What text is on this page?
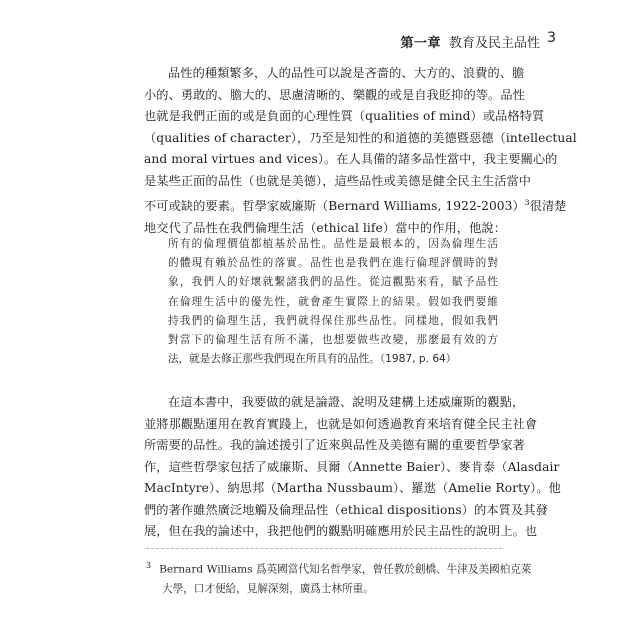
第一章 教育及民主品性 3
品性的種類繁多，人的品性可以說是吝嗇的、大方的、浪費的、膽
小的、勇敢的、膽大的、思慮清晰的、樂觀的或是自我貶抑的等。品性
也就是我們正面的或是負面的心理性質（qualities of mind）或品格特質
（qualities of character），乃至是知性的和道德的美德暨惡德（intellectual
and moral virtues and vices）。在人具備的諸多品性當中，我主要關心的
是某些正面的品性（也就是美德），這些品性或美德是健全民主生活當中
不可或缺的要素。哲學家威廉斯（Bernard Williams, 1922-2003）$^3$很清楚
地交代了品性在我們倫理生活（ethical life）當中的作用，他說：
所有的倫理價值都植基於品性。品性是最根本的，因為倫理生活
的體現有賴於品性的落實。品性也是我們在進行倫理評價時的對
象，我們人的好壞就繫諸我們的品性。從這觀點來看，賦予品性
在倫理生活中的優先性，就會產生實際上的結果。假如我們要維
持我們的倫理生活，我們就得保住那些品性。同樣地，假如我們
對當下的倫理生活有所不滿，也想要做些改變，那麼最有效的方
法，就是去修正那些我們現在所具有的品性。（1987, p. 64）
在這本書中，我要做的就是論證、說明及建構上述威廉斯的觀點，
並將那觀點運用在教育實踐上，也就是如何透過教育來培育健全民主社會
所需要的品性。我的論述援引了近來與品性及美德有關的重要哲學家著
作，這些哲學家包括了威廉斯、貝爾（Annette Baier）、麥肯泰（Alasdair
MacIntyre）、納思邦（Martha Nussbaum）、羅逖（Amelie Rorty）。他
們的著作雖然廣泛地觸及倫理品性（ethical dispositions）的本質及其發
展，但在我的論述中，我把他們的觀點明確應用於民主品性的說明上。也
$^3$ Bernard Williams 爲英國當代知名哲學家，曾任教於劍橋、牛津及美國柏克萊
大學，口才便給，見解深刻，廣爲士林所重。
